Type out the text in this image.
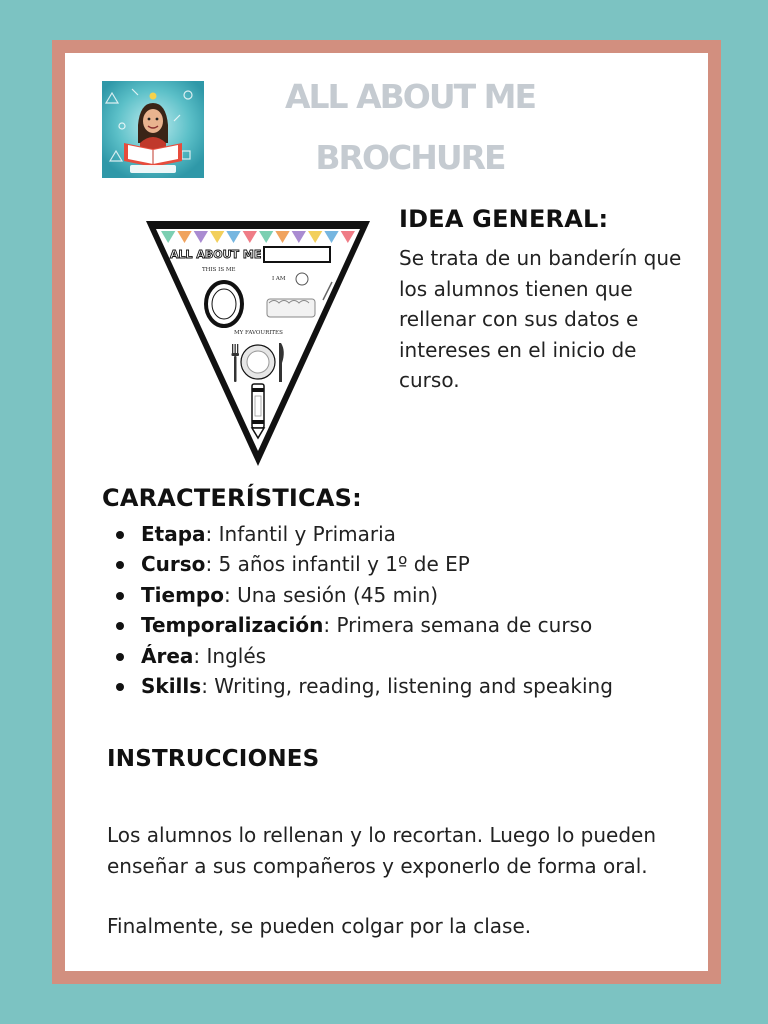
ALL ABOUT ME
BROCHURE
ALL ABOUT ME
THIS IS ME
I AM
MY FAVOURITES
IDEA GENERAL:
Se trata de un banderín que los alumnos tienen que rellenar con sus datos e intereses en el inicio de curso.
CARACTERÍSTICAS:
Etapa: Infantil y Primaria
Curso: 5 años infantil y 1º de EP
Tiempo: Una sesión (45 min)
Temporalización: Primera semana de curso
Área: Inglés
Skills: Writing, reading, listening and speaking
INSTRUCCIONES
Los alumnos lo rellenan y lo recortan. Luego lo pueden enseñar a sus compañeros y exponerlo de forma oral.
Finalmente, se pueden colgar por la clase.
